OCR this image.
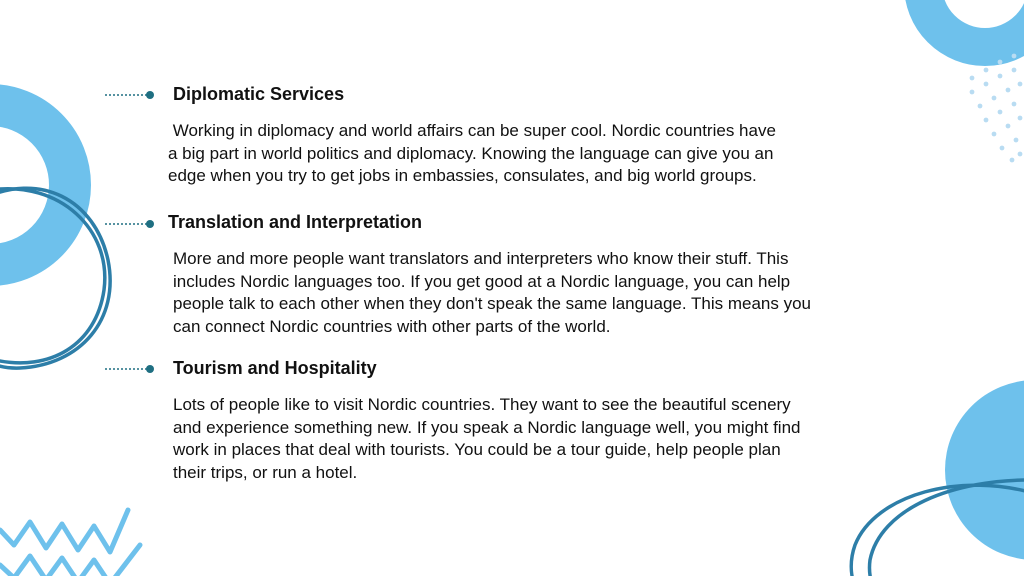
Diplomatic Services
Working in diplomacy and world affairs can be super cool. Nordic countries have
a big part in world politics and diplomacy. Knowing the language can give you an
edge when you try to get jobs in embassies, consulates, and big world groups.
Translation and Interpretation
More and more people want translators and interpreters who know their stuff. This
includes Nordic languages too. If you get good at a Nordic language, you can help
people talk to each other when they don't speak the same language. This means you
can connect Nordic countries with other parts of the world.
Tourism and Hospitality
Lots of people like to visit Nordic countries. They want to see the beautiful scenery
and experience something new. If you speak a Nordic language well, you might find
work in places that deal with tourists. You could be a tour guide, help people plan
their trips, or run a hotel.
